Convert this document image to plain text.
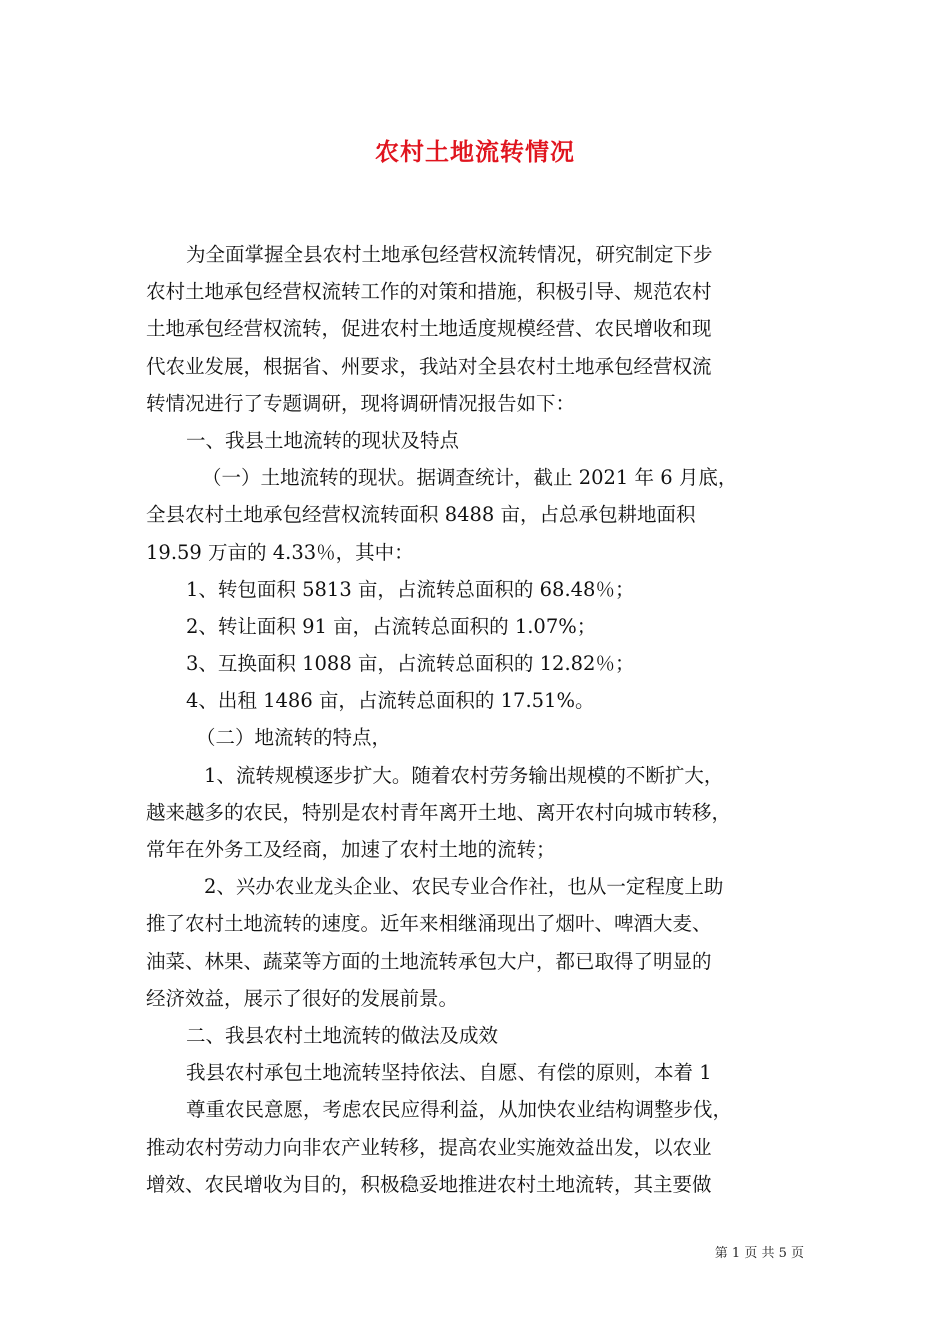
农村土地流转情况
为全面掌握全县农村土地承包经营权流转情况，研究制定下步
农村土地承包经营权流转工作的对策和措施，积极引导、规范农村
土地承包经营权流转，促进农村土地适度规模经营、农民增收和现
代农业发展，根据省、州要求，我站对全县农村土地承包经营权流
转情况进行了专题调研，现将调研情况报告如下：
一、我县土地流转的现状及特点
（一）土地流转的现状。据调查统计，截止 2021 年 6 月底，
全县农村土地承包经营权流转面积 8488 亩，占总承包耕地面积
19.59 万亩的 4.33％，其中：
1、转包面积 5813 亩，占流转总面积的 68.48％；
2、转让面积 91 亩，占流转总面积的 1.07%；
3、互换面积 1088 亩，占流转总面积的 12.82％；
4、出租 1486 亩，占流转总面积的 17.51%。
（二）地流转的特点，
1、流转规模逐步扩大。随着农村劳务输出规模的不断扩大，
越来越多的农民，特别是农村青年离开土地、离开农村向城市转移，
常年在外务工及经商，加速了农村土地的流转；
2、兴办农业龙头企业、农民专业合作社，也从一定程度上助
推了农村土地流转的速度。近年来相继涌现出了烟叶、啤酒大麦、
油菜、林果、蔬菜等方面的土地流转承包大户，都已取得了明显的
经济效益，展示了很好的发展前景。
二、我县农村土地流转的做法及成效
我县农村承包土地流转坚持依法、自愿、有偿的原则，本着 1
尊重农民意愿，考虑农民应得利益，从加快农业结构调整步伐，
推动农村劳动力向非农产业转移，提高农业实施效益出发，以农业
增效、农民增收为目的，积极稳妥地推进农村土地流转，其主要做
第 1 页 共 5 页
